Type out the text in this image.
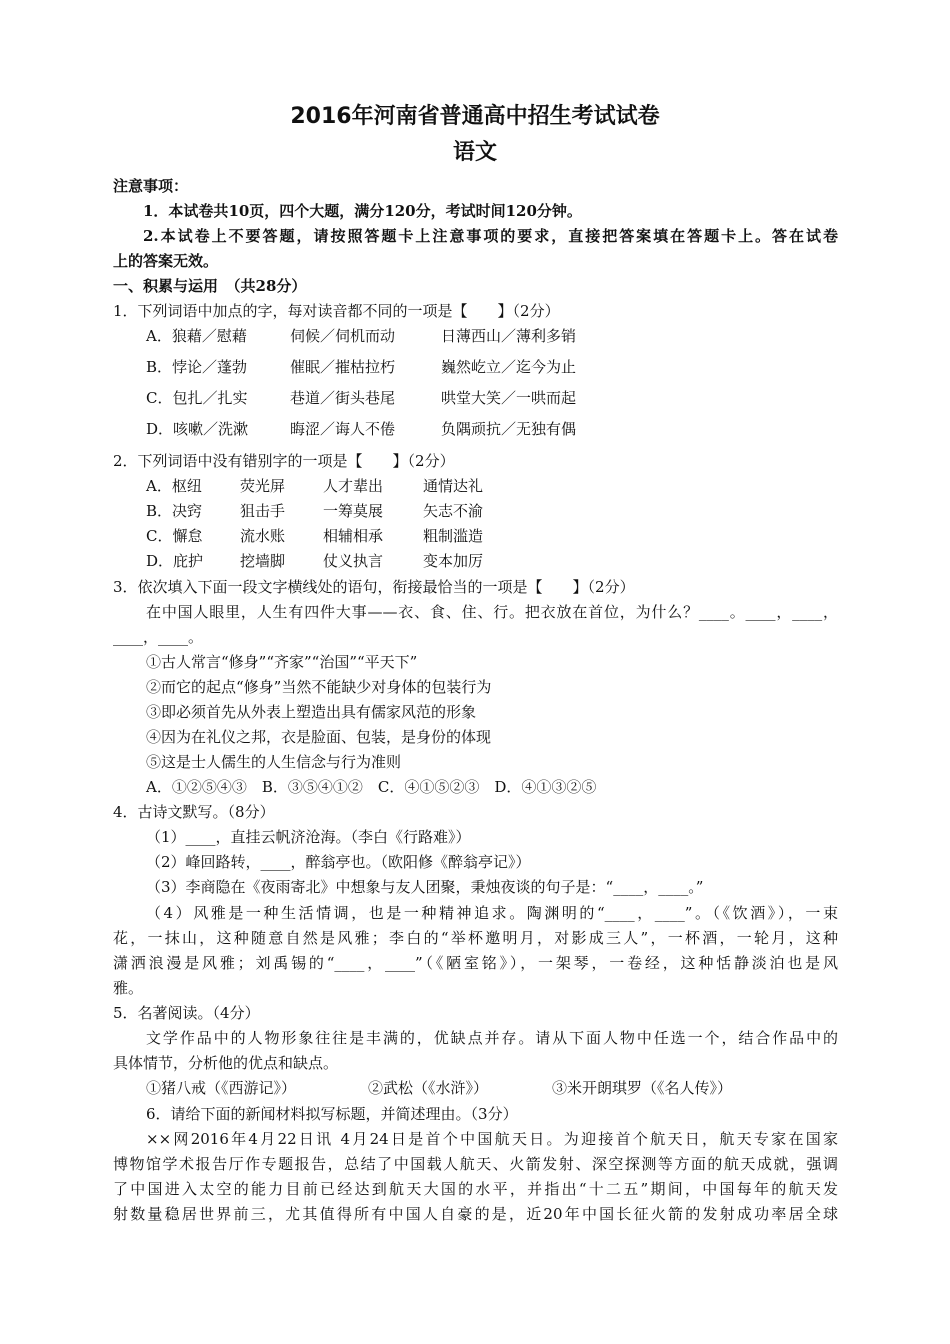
2016年河南省普通高中招生考试试卷
语文
注意事项：
1．本试卷共10页，四个大题，满分120分，考试时间120分钟。
2.本试卷上不要答题，请按照答题卡上注意事项的要求，直接把答案填在答题卡上。答在试卷
上的答案无效。
一、积累与运用　（共28分）
1．下列词语中加点的字，每对读音都不同的一项是【　　】（2分）
A．狼藉／慰藉	伺候／伺机而动	日薄西山／薄利多销
B．悖论／蓬勃	催眠／摧枯拉朽	巍然屹立／迄今为止
C．包扎／扎实	巷道／街头巷尾	哄堂大笑／一哄而起
D．咳嗽／洗漱	晦涩／诲人不倦	负隅顽抗／无独有偶
2．下列词语中没有错别字的一项是【　　】（2分）
A．枢纽	荧光屏	人才辈出	通情达礼
B．决窍	狙击手	一筹莫展	矢志不渝
C．懈怠	流水账	相辅相承	粗制滥造
D．庇护 挖墙脚	仗义执言	变本加厉
3．依次填入下面一段文字横线处的语句，衔接最恰当的一项是【　　】（2分）
在中国人眼里，人生有四件大事——衣、食、住、行。把衣放在首位，为什么？____。____，____，
____，____。
①古人常言“修身”“齐家”“治国”“平天下”
②而它的起点“修身”当然不能缺少对身体的包装行为
③即必须首先从外表上塑造出具有儒家风范的形象
④因为在礼仪之邦，衣是脸面、包装，是身份的体现
⑤这是士人儒生的人生信念与行为准则
A．①②⑤④③　B．③⑤④①②　C．④①⑤②③　D．④①③②⑤
4．古诗文默写。（8分）
（1）____，直挂云帆济沧海。（李白《行路难》）
（2）峰回路转，____，醉翁亭也。（欧阳修《醉翁亭记》）
（3）李商隐在《夜雨寄北》中想象与友人团聚，秉烛夜谈的句子是：“____，____。”
（4）风雅是一种生活情调，也是一种精神追求。陶渊明的“____，____”。（《饮酒》），一束
花，一抹山，这种随意自然是风雅；李白的“举杯邀明月，对影成三人”，一杯酒，一轮月，这种
潇洒浪漫是风雅；刘禹锡的“____，____”（《陋室铭》），一架琴，一卷经，这种恬静淡泊也是风
雅。
5．名著阅读。（4分）
文学作品中的人物形象往往是丰满的，优缺点并存。请从下面人物中任选一个，结合作品中的
具体情节，分析他的优点和缺点。
①猪八戒（《西游记》）	②武松（《水浒》）	③米开朗琪罗（《名人传》）
6．请给下面的新闻材料拟写标题，并简述理由。（3分）
××网2016年4月22日讯 4月24日是首个中国航天日。为迎接首个航天日，航天专家在国家
博物馆学术报告厅作专题报告，总结了中国载人航天、火箭发射、深空探测等方面的航天成就，强调
了中国进入太空的能力目前已经达到航天大国的水平，并指出“十二五”期间，中国每年的航天发
射数量稳居世界前三，尤其值得所有中国人自豪的是，近20年中国长征火箭的发射成功率居全球
